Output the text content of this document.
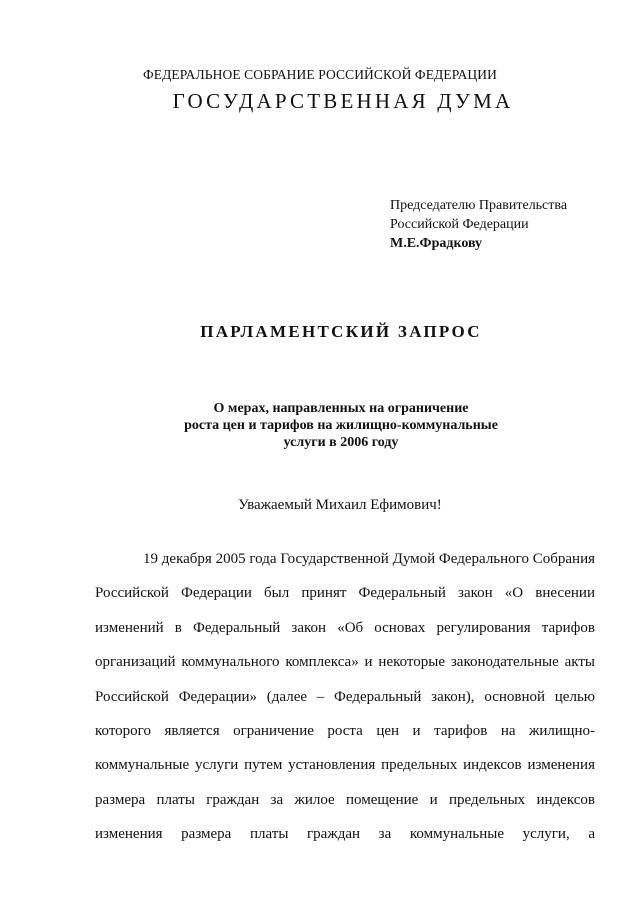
ФЕДЕРАЛЬНОЕ СОБРАНИЕ РОССИЙСКОЙ ФЕДЕРАЦИИ
ГОСУДАРСТВЕННАЯ ДУМА
Председателю Правительства
Российской Федерации
М.Е.Фрадкову
ПАРЛАМЕНТСКИЙ ЗАПРОС
О мерах, направленных на ограничение
роста цен и тарифов на жилищно-коммунальные
услуги в 2006 году
Уважаемый Михаил Ефимович!
19 декабря 2005 года Государственной Думой Федерального Собрания
Российской Федерации был принят Федеральный закон «О внесении
изменений в Федеральный закон «Об основах регулирования тарифов
организаций коммунального комплекса» и некоторые законодательные акты
Российской Федерации» (далее – Федеральный закон), основной целью
которого является ограничение роста цен и тарифов на жилищно-
коммунальные услуги путем установления предельных индексов изменения
размера платы граждан за жилое помещение и предельных индексов
изменения размера платы граждан за коммунальные услуги, а
